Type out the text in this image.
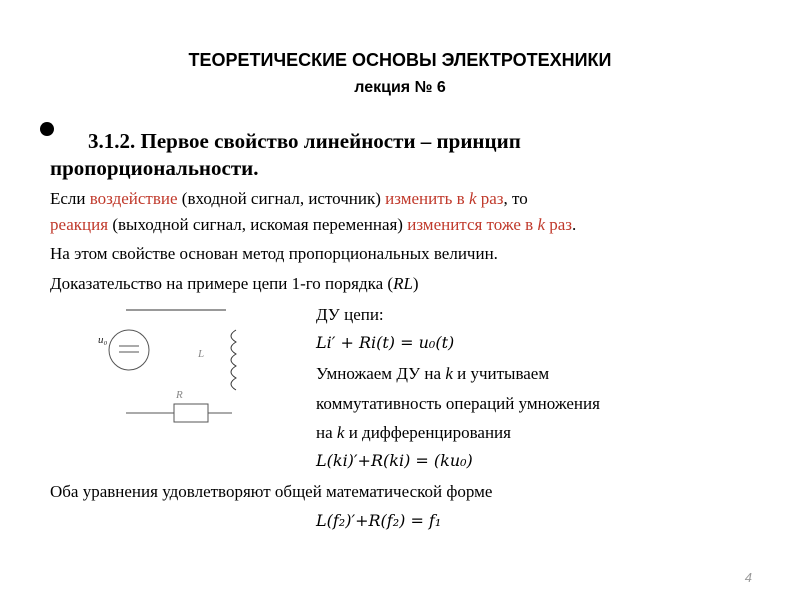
ТЕОРЕТИЧЕСКИЕ ОСНОВЫ ЭЛЕКТРОТЕХНИКИ
лекция № 6
3.1.2. Первое свойство линейности – принцип пропорциональности.
Если воздействие (входной сигнал, источник) изменить в k раз, то
реакция (выходной сигнал, искомая переменная) изменится тоже в k раз.
На этом свойстве основан метод пропорциональных величин.
Доказательство на примере цепи 1-го порядка (RL)
u₀
L
R
ДУ цепи:
Li′ + Ri(t) = u₀(t)
Умножаем ДУ на k и учитываем
коммутативность операций умножения
на k и дифференцирования
L(ki)′+R(ki) = (ku₀)
Оба уравнения удовлетворяют общей математической форме
L(f₂)′+R(f₂) = f₁
4
